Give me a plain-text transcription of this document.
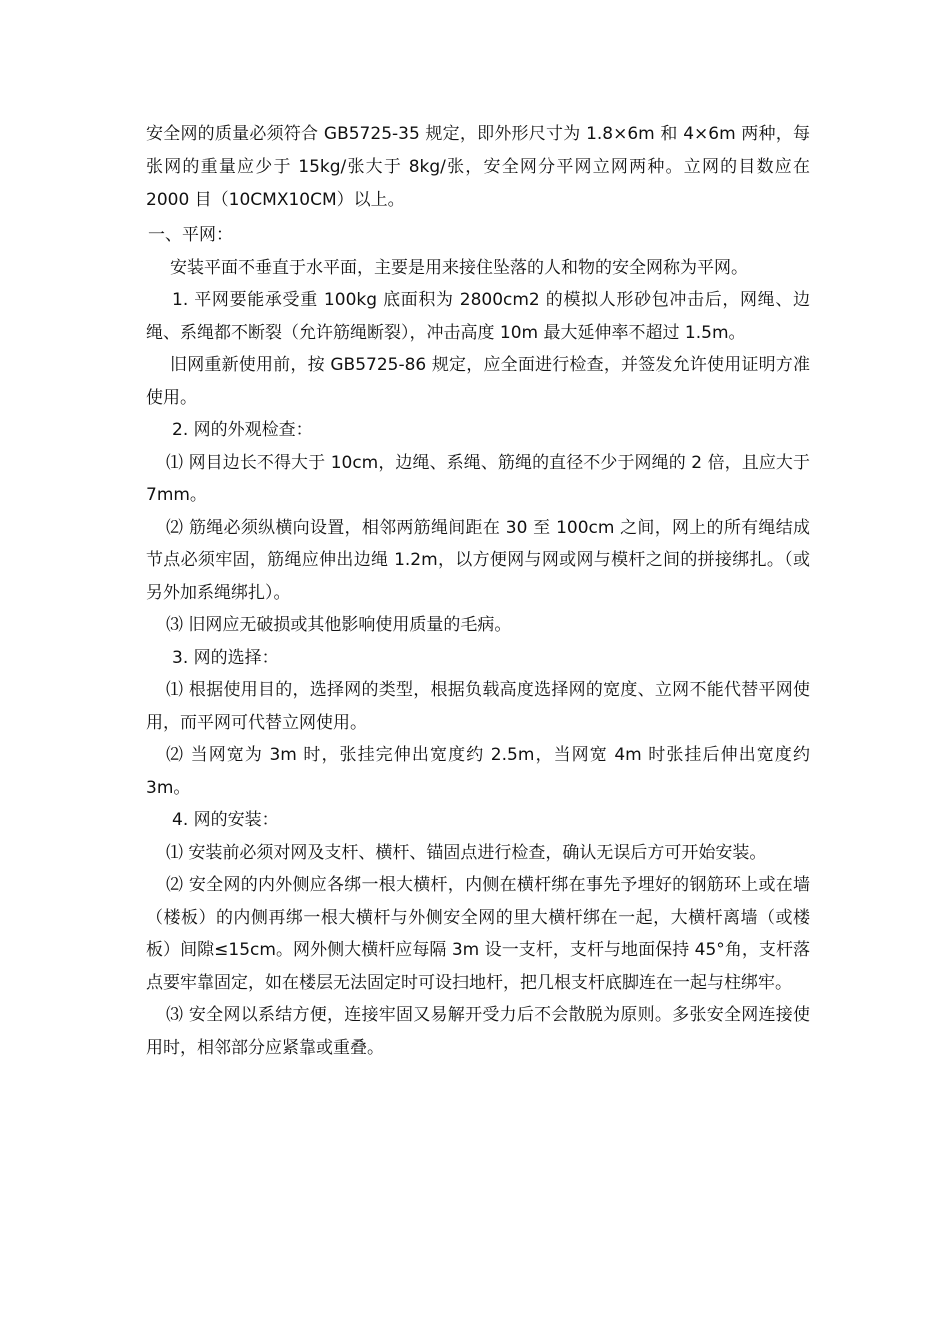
安全网的质量必须符合 GB5725-35 规定，即外形尺寸为 1.8×6m 和 4×6m 两种，每张网的重量应少于 15kg/张大于 8kg/张，安全网分平网立网两种。立网的目数应在 2000 目（10CMX10CM）以上。

一、平网：

安装平面不垂直于水平面，主要是用来接住坠落的人和物的安全网称为平网。

1. 平网要能承受重 100kg 底面积为 2800cm2 的模拟人形砂包冲击后，网绳、边绳、系绳都不断裂（允许筋绳断裂），冲击高度 10m 最大延伸率不超过 1.5m。

旧网重新使用前，按 GB5725-86 规定，应全面进行检查，并签发允许使用证明方准使用。

2. 网的外观检查：

⑴ 网目边长不得大于 10cm，边绳、系绳、筋绳的直径不少于网绳的 2 倍，且应大于 7mm。

⑵ 筋绳必须纵横向设置，相邻两筋绳间距在 30 至 100cm 之间，网上的所有绳结成节点必须牢固，筋绳应伸出边绳 1.2m，以方便网与网或网与模杆之间的拼接绑扎。（或另外加系绳绑扎）。

⑶ 旧网应无破损或其他影响使用质量的毛病。

3. 网的选择：

⑴ 根据使用目的，选择网的类型，根据负载高度选择网的宽度、立网不能代替平网使用，而平网可代替立网使用。

⑵ 当网宽为 3m 时，张挂完伸出宽度约 2.5m，当网宽 4m 时张挂后伸出宽度约 3m。

4. 网的安装：

⑴ 安装前必须对网及支杆、横杆、锚固点进行检查，确认无误后方可开始安装。

⑵ 安全网的内外侧应各绑一根大横杆，内侧在横杆绑在事先予埋好的钢筋环上或在墙（楼板）的内侧再绑一根大横杆与外侧安全网的里大横杆绑在一起，大横杆离墙（或楼板）间隙≤15cm。网外侧大横杆应每隔 3m 设一支杆，支杆与地面保持 45°角，支杆落点要牢靠固定，如在楼层无法固定时可设扫地杆，把几根支杆底脚连在一起与柱绑牢。

⑶ 安全网以系结方便，连接牢固又易解开受力后不会散脱为原则。多张安全网连接使用时，相邻部分应紧靠或重叠。
